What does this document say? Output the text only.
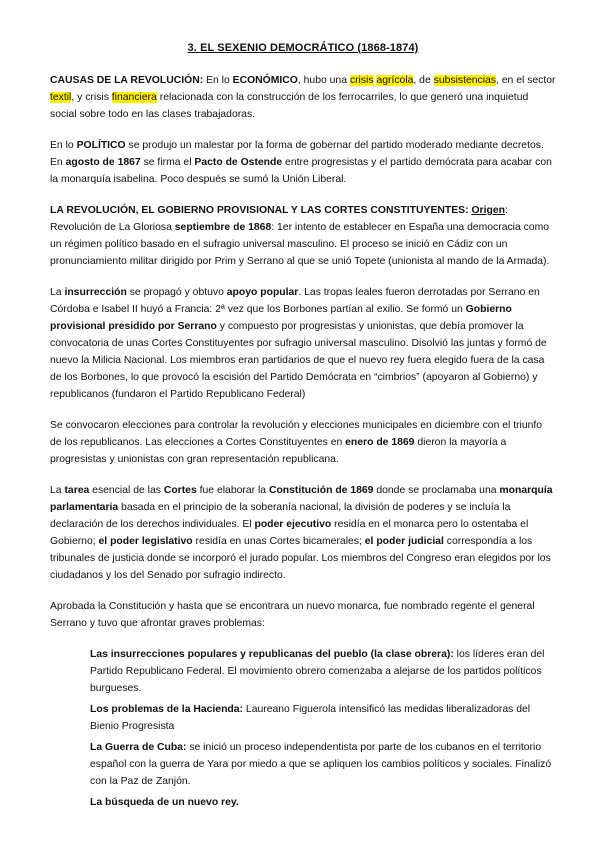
3. EL SEXENIO DEMOCRÁTICO (1868-1874)

CAUSAS DE LA REVOLUCIÓN: En lo ECONÓMICO, hubo una crisis agrícola, de subsistencias, en el sector textil, y crisis financiera relacionada con la construcción de los ferrocarriles, lo que generó una inquietud social sobre todo en las clases trabajadoras.

En lo POLÍTICO se produjo un malestar por la forma de gobernar del partido moderado mediante decretos. En agosto de 1867 se firma el Pacto de Ostende entre progresistas y el partido demócrata para acabar con la monarquía isabelina. Poco después se sumó la Unión Liberal.

LA REVOLUCIÓN, EL GOBIERNO PROVISIONAL Y LAS CORTES CONSTITUYENTES: Origen: Revolución de La Gloriosa septiembre de 1868: 1er intento de establecer en España una democracia como un régimen político basado en el sufragio universal masculino. El proceso se inició en Cádiz con un pronunciamiento militar dirigido por Prim y Serrano al que se unió Topete (unionista al mando de la Armada).

La insurrección se propagó y obtuvo apoyo popular. Las tropas leales fueron derrotadas por Serrano en Córdoba e Isabel II huyó a Francia: 2ª vez que los Borbones partían al exilio. Se formó un Gobierno provisional presidido por Serrano y compuesto por progresistas y unionistas, que debía promover la convocatoria de unas Cortes Constituyentes por sufragio universal masculino. Disolvió las juntas y formó de nuevo la Milicia Nacional. Los miembros eran partidarios de que el nuevo rey fuera elegido fuera de la casa de los Borbones, lo que provocó la escisión del Partido Demócrata en “cimbrios” (apoyaron al Gobierno) y republicanos (fundaron el Partido Republicano Federal)

Se convocaron elecciones para controlar la revolución y elecciones municipales en diciembre con el triunfo de los republicanos. Las elecciones a Cortes Constituyentes en enero de 1869 dieron la mayoría a progresistas y unionistas con gran representación republicana.

La tarea esencial de las Cortes fue elaborar la Constitución de 1869 donde se proclamaba una monarquía parlamentaria basada en el principio de la soberanía nacional, la división de poderes y se incluía la declaración de los derechos individuales. El poder ejecutivo residía en el monarca pero lo ostentaba el Gobierno; el poder legislativo residía en unas Cortes bicamerales; el poder judicial correspondía a los tribunales de justicia donde se incorporó el jurado popular. Los miembros del Congreso eran elegidos por los ciudadanos y los del Senado por sufragio indirecto.

Aprobada la Constitución y hasta que se encontrara un nuevo monarca, fue nombrado regente el general Serrano y tuvo que afrontar graves problemas:

Las insurrecciones populares y republicanas del pueblo (la clase obrera): los líderes eran del Partido Republicano Federal. El movimiento obrero comenzaba a alejarse de los partidos políticos burgueses.

Los problemas de la Hacienda: Laureano Figuerola intensificó las medidas liberalizadoras del Bienio Progresista

La Guerra de Cuba: se inició un proceso independentista por parte de los cubanos en el territorio español con la guerra de Yara por miedo a que se apliquen los cambios políticos y sociales. Finalizó con la Paz de Zanjón.

La búsqueda de un nuevo rey.
